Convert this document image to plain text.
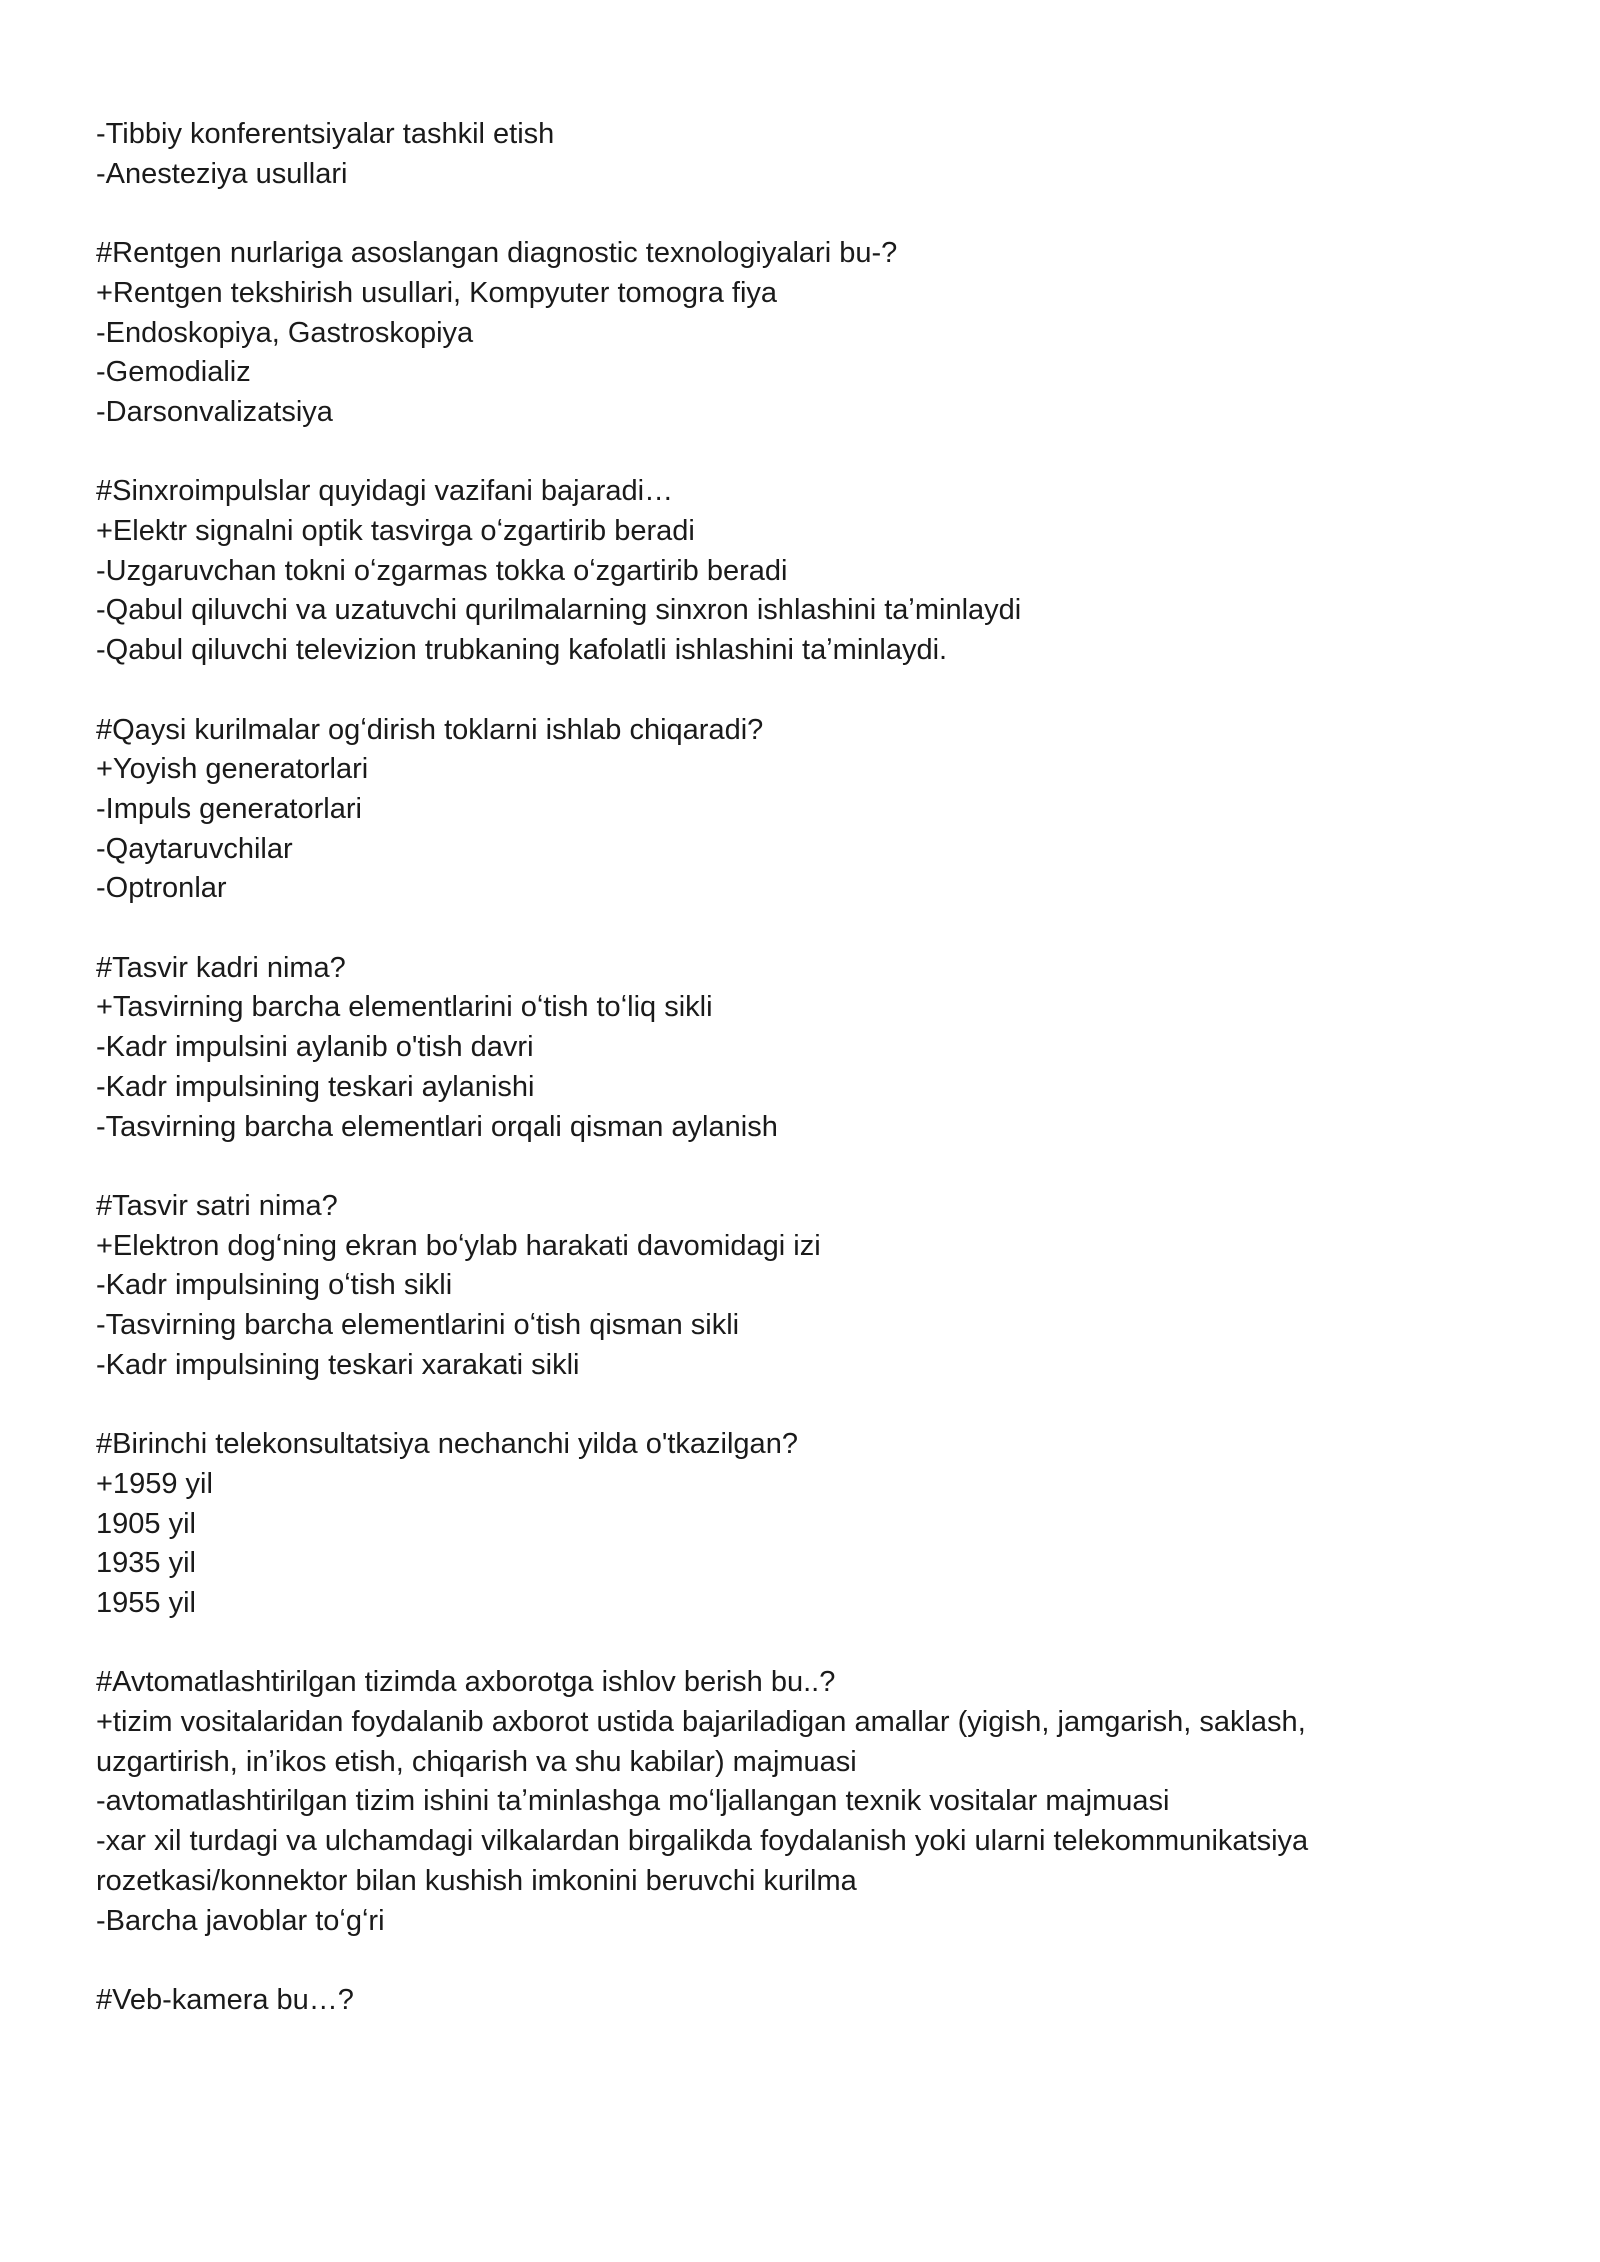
-Tibbiy konferentsiyalar tashkil etish
-Anesteziya usullari
#Rentgen nurlariga asoslangan diagnostic texnologiyalari bu-?
+Rentgen tekshirish usullari, Kompyuter tomogra fiya
-Endoskopiya, Gastroskopiya
-Gemodializ
-Darsonvalizatsiya
#Sinxroimpulslar quyidagi vazifani bajaradi…
+Elektr signalni optik tasvirga oʻzgartirib beradi
-Uzgaruvchan tokni oʻzgarmas tokka oʻzgartirib beradi
-Qabul qiluvchi va uzatuvchi qurilmalarning sinxron ishlashini taʼminlaydi
-Qabul qiluvchi televizion trubkaning kafolatli ishlashini taʼminlaydi.
#Qaysi kurilmalar ogʻdirish toklarni ishlab chiqaradi?
+Yoyish generatorlari
-Impuls generatorlari
-Qaytaruvchilar
-Optronlar
#Tasvir kadri nima?
+Tasvirning barcha elementlarini oʻtish toʻliq sikli
-Kadr impulsini aylanib o'tish davri
-Kadr impulsining teskari aylanishi
-Tasvirning barcha elementlari orqali qisman aylanish
#Tasvir satri nima?
+Elektron dogʻning ekran boʻylab harakati davomidagi izi
-Kadr impulsining oʻtish sikli
-Tasvirning barcha elementlarini oʻtish qisman sikli
-Kadr impulsining teskari xarakati sikli
#Birinchi telekonsultatsiya nechanchi yilda o'tkazilgan?
+1959 yil
1905 yil
1935 yil
1955 yil
#Avtomatlashtirilgan tizimda axborotga ishlov berish bu..?
+tizim vositalaridan foydalanib axborot ustida bajariladigan amallar (yigish, jamgarish, saklash,
uzgartirish, inʼikos etish, chiqarish va shu kabilar) majmuasi
-avtomatlashtirilgan tizim ishini taʼminlashga moʻljallangan texnik vositalar majmuasi
-xar xil turdagi va ulchamdagi vilkalardan birgalikda foydalanish yoki ularni telekommunikatsiya
rozetkasi/konnektor bilan kushish imkonini beruvchi kurilma
-Barcha javoblar toʻgʻri
#Veb-kamera bu…?
